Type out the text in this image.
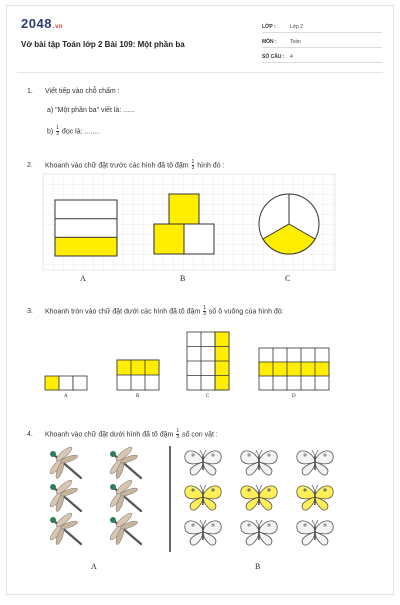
2048.vn
Vở bài tập Toán lớp 2 Bài 109: Một phần ba
LỚP :	Lớp 2
MÔN :	Toán
SỐ CÂU :	4
1. Viết tiếp vào chỗ chấm :
a) "Một phần ba" viết là: ......
$b) \frac{1}{3}$ đọc là: ........
2. Khoanh vào chữ đặt trước các hình đã tô đậm $\frac{1}{3}$ hình đó :
A	B	C
3. Khoanh tròn vào chữ đặt dưới các hình đã tô đậm $\frac{1}{3}$ số ô vuông của hình đó:
A	B	C	D
4. Khoanh vào chữ đặt dưới hình đã tô đậm $\frac{1}{3}$ số con vật :
A	B
